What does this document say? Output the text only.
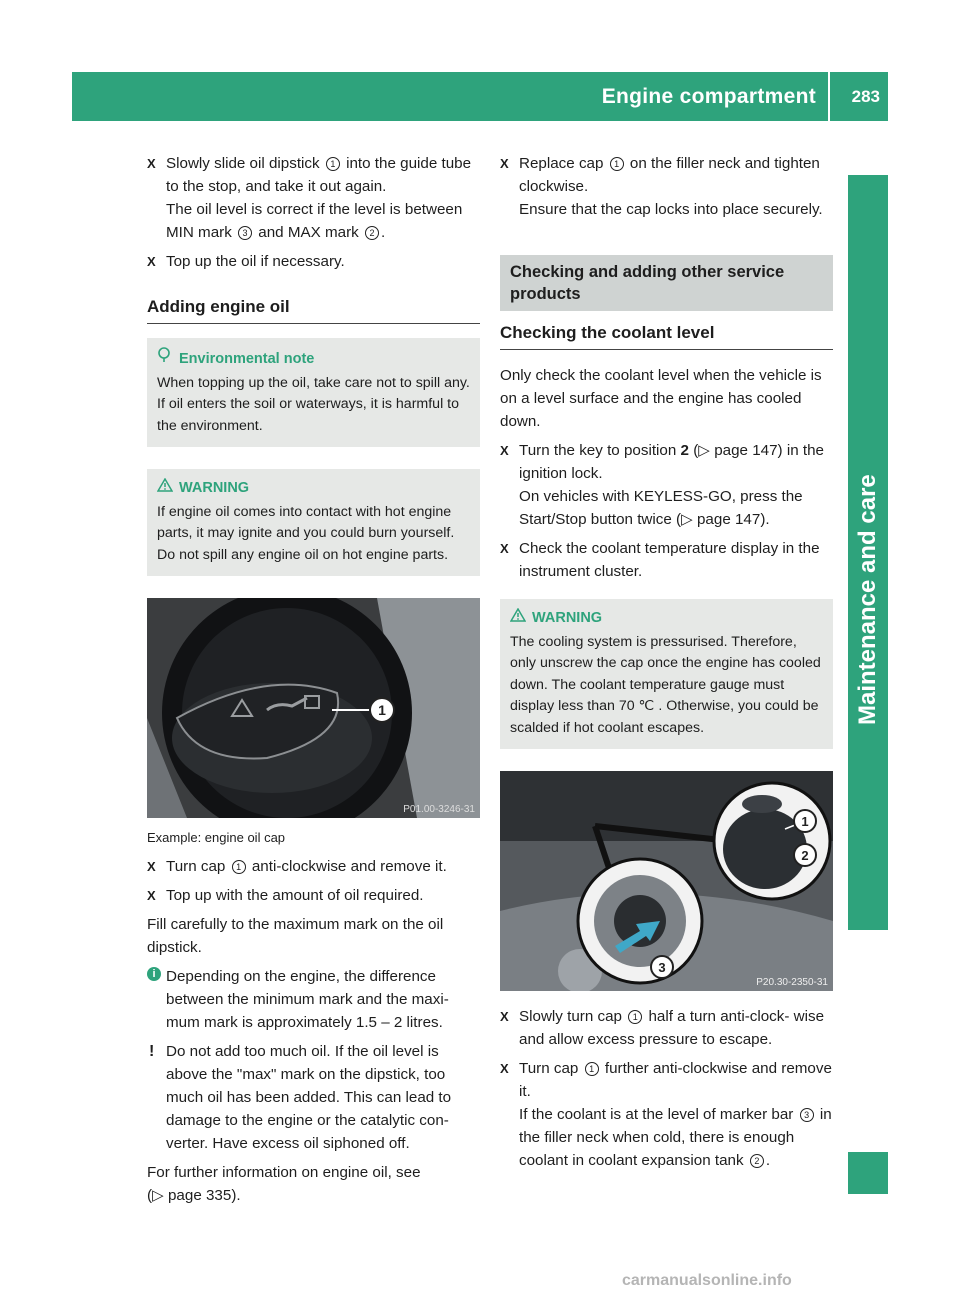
Engine compartment 283
Maintenance and care
X Slowly slide oil dipstick 1 into the guide tube to the stop, and take it out again.
The oil level is correct if the level is between MIN mark 3 and MAX mark 2 .
X Top up the oil if necessary.
Adding engine oil
Environmental note
When topping up the oil, take care not to spill any. If oil enters the soil or waterways, it is harmful to the environment.
WARNING
If engine oil comes into contact with hot engine parts, it may ignite and you could burn yourself. Do not spill any engine oil on hot engine parts.
1
P01.00-3246-31
Example: engine oil cap
X Turn cap 1 anti-clockwise and remove it.
X Top up with the amount of oil required.

Fill carefully to the maximum mark on the oil dipstick.

i Depending on the engine, the difference between the minimum mark and the maxi- mum mark is approximately 1.5 – 2 litres.
! Do not add too much oil. If the oil level is above the "max" mark on the dipstick, too much oil has been added. This can lead to damage to the engine or the catalytic con- verter. Have excess oil siphoned off.

For further information on engine oil, see
(▷ page 335).

X Replace cap 1 on the filler neck and tighten clockwise.
Ensure that the cap locks into place securely.
Checking and adding other service products
Checking the coolant level

Only check the coolant level when the vehicle is on a level surface and the engine has cooled down.

X Turn the key to position 2 (▷ page 147) in the ignition lock.
On vehicles with KEYLESS-GO, press the Start/Stop button twice (▷ page 147).
X Check the coolant temperature display in the instrument cluster.
WARNING
The cooling system is pressurised. Therefore, only unscrew the cap once the engine has cooled down. The coolant temperature gauge must display less than 70 ℃ . Otherwise, you could be scalded if hot coolant escapes.
1
2
3
P20.30-2350-31
X Slowly turn cap 1 half a turn anti-clock- wise and allow excess pressure to escape.
X Turn cap 1 further anti-clockwise and remove it.
If the coolant is at the level of marker bar 3 in the filler neck when cold, there is enough coolant in coolant expansion tank 2 .
carmanualsonline.info
